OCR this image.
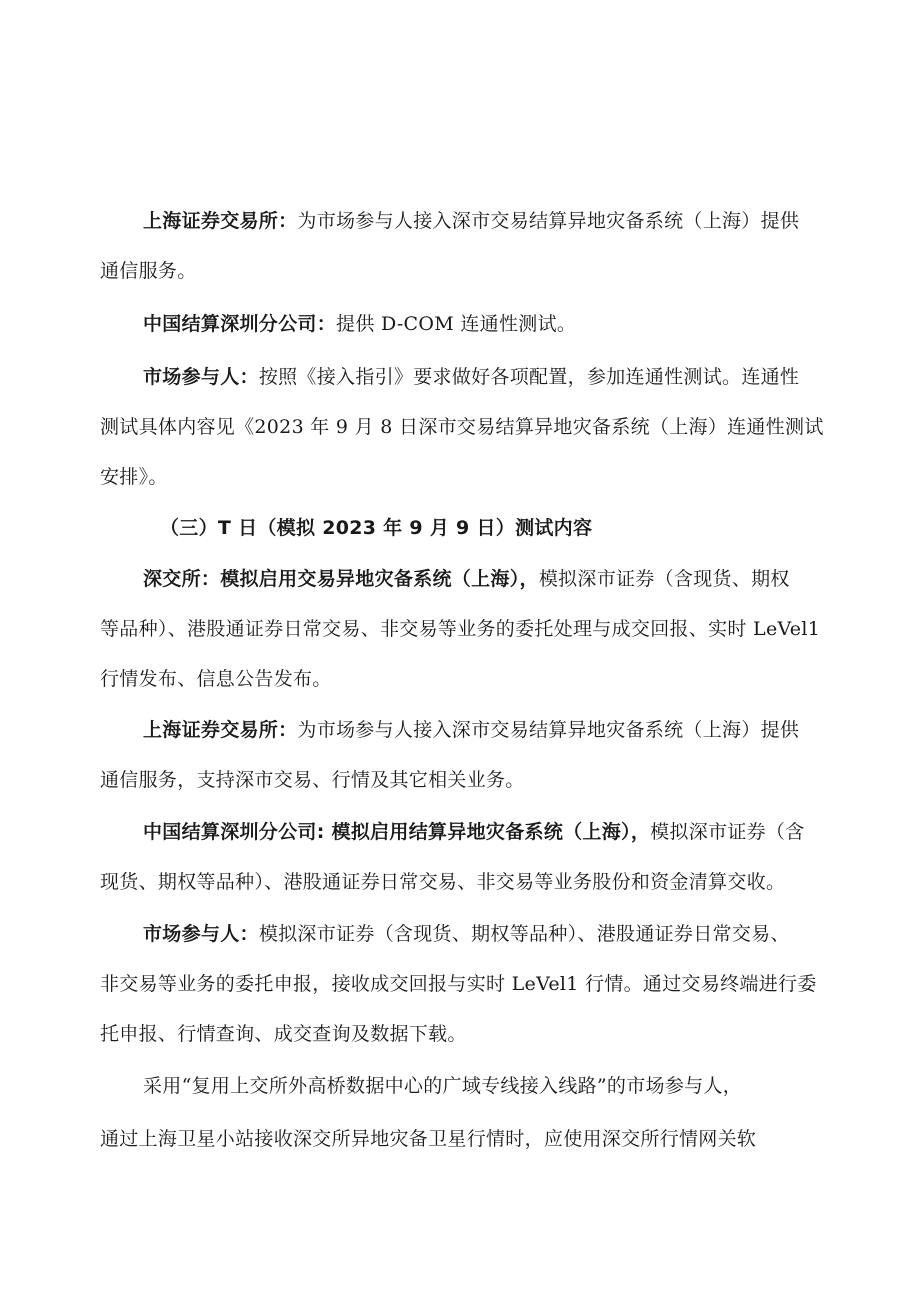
上海证券交易所：为市场参与人接入深市交易结算异地灾备系统（上海）提供
通信服务。
中国结算深圳分公司：提供 D-COM 连通性测试。
市场参与人：按照《接入指引》要求做好各项配置，参加连通性测试。连通性
测试具体内容见《2023 年 9 月 8 日深市交易结算异地灾备系统（上海）连通性测试
安排》。
（三）T 日（模拟 2023 年 9 月 9 日）测试内容
深交所：模拟启用交易异地灾备系统（上海），模拟深市证券（含现货、期权
等品种）、港股通证券日常交易、非交易等业务的委托处理与成交回报、实时 LeVel1
行情发布、信息公告发布。
上海证券交易所：为市场参与人接入深市交易结算异地灾备系统（上海）提供
通信服务，支持深市交易、行情及其它相关业务。
中国结算深圳分公司: 模拟启用结算异地灾备系统（上海），模拟深市证券（含
现货、期权等品种）、港股通证券日常交易、非交易等业务股份和资金清算交收。
市场参与人：模拟深市证券（含现货、期权等品种）、港股通证券日常交易、
非交易等业务的委托申报，接收成交回报与实时 LeVel1 行情。通过交易终端进行委
托申报、行情查询、成交查询及数据下载。
采用“复用上交所外高桥数据中心的广域专线接入线路”的市场参与人，
通过上海卫星小站接收深交所异地灾备卫星行情时，应使用深交所行情网关软
